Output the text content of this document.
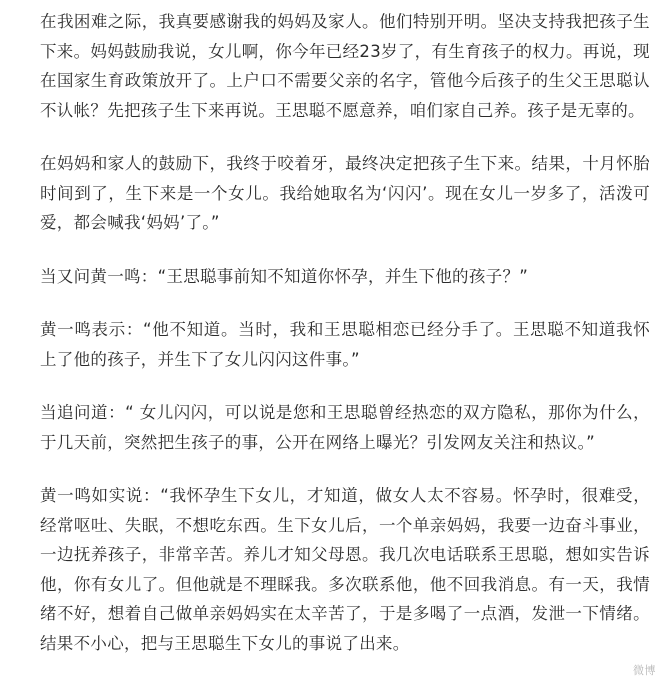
在我困难之际，我真要感谢我的妈妈及家人。他们特别开明。坚决支持我把孩子生下来。妈妈鼓励我说，女儿啊，你今年已经23岁了，有生育孩子的权力。再说，现在国家生育政策放开了。上户口不需要父亲的名字，管他今后孩子的生父王思聪认不认帐？先把孩子生下来再说。王思聪不愿意养，咱们家自己养。孩子是无辜的。

在妈妈和家人的鼓励下，我终于咬着牙，最终决定把孩子生下来。结果，十月怀胎时间到了，生下来是一个女儿。我给她取名为‘闪闪’。现在女儿一岁多了，活泼可爱，都会喊我‘妈妈’了。”

当又问黄一鸣：“王思聪事前知不知道你怀孕，并生下他的孩子？”

黄一鸣表示：“他不知道。当时，我和王思聪相恋已经分手了。王思聪不知道我怀上了他的孩子，并生下了女儿闪闪这件事。”

当追问道：“ 女儿闪闪，可以说是您和王思聪曾经热恋的双方隐私，那你为什么，于几天前，突然把生孩子的事，公开在网络上曝光？引发网友关注和热议。”

黄一鸣如实说：“我怀孕生下女儿，才知道，做女人太不容易。怀孕时，很难受，经常呕吐、失眠，不想吃东西。生下女儿后，一个单亲妈妈，我要一边奋斗事业，一边抚养孩子，非常辛苦。养儿才知父母恩。我几次电话联系王思聪，想如实告诉他，你有女儿了。但他就是不理睬我。多次联系他，他不回我消息。有一天，我情绪不好，想着自己做单亲妈妈实在太辛苦了，于是多喝了一点酒，发泄一下情绪。结果不小心，把与王思聪生下女儿的事说了出来。

微博
